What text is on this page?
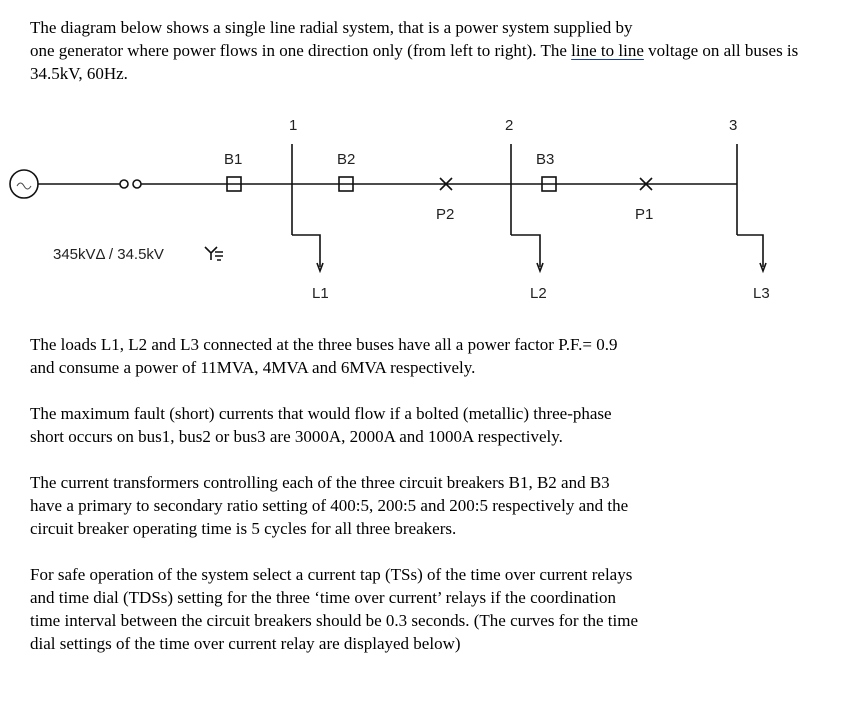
The diagram below shows a single line radial system, that is a power system supplied by
one generator where power flows in one direction only (from left to right). The line to line voltage on all buses is 34.5kV, 60Hz.
1	2	3
B1	B2	B3
P2	P1
345kVΔ / 34.5kV
L1	L2	L3
The loads L1, L2 and L3 connected at the three buses have all a power factor P.F.= 0.9
and consume a power of 11MVA, 4MVA and 6MVA respectively.
The maximum fault (short) currents that would flow if a bolted (metallic) three-phase
short occurs on bus1, bus2 or bus3 are 3000A, 2000A and 1000A respectively.
The current transformers controlling each of the three circuit breakers B1, B2 and B3
have a primary to secondary ratio setting of 400:5, 200:5 and 200:5 respectively and the
circuit breaker operating time is 5 cycles for all three breakers.
For safe operation of the system select a current tap (TSs) of the time over current relays
and time dial (TDSs) setting for the three ‘time over current’ relays if the coordination
time interval between the circuit breakers should be 0.3 seconds. (The curves for the time
dial settings of the time over current relay are displayed below)
